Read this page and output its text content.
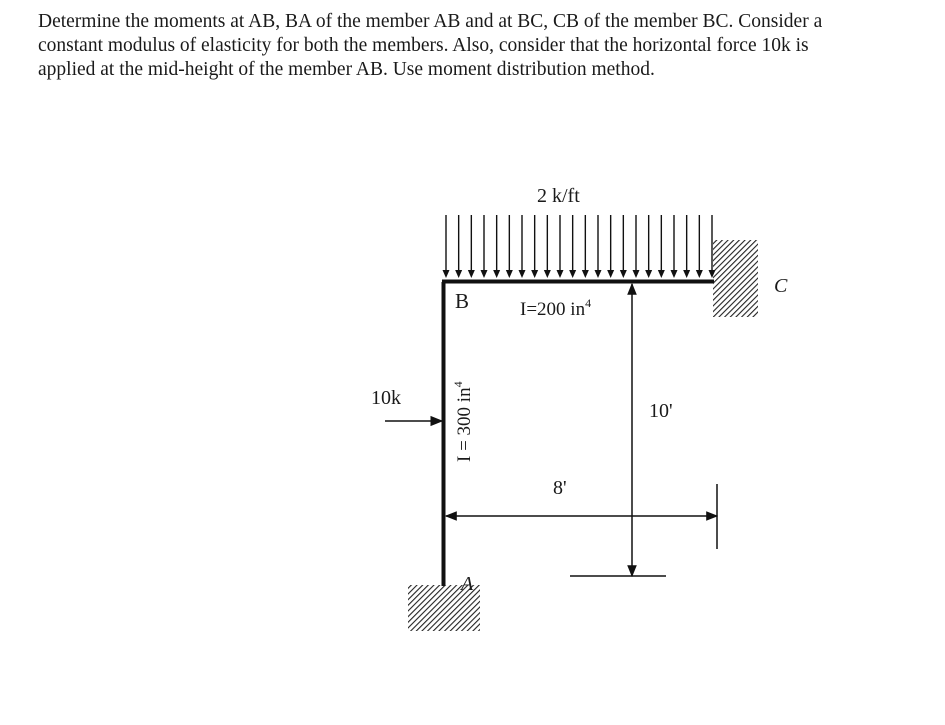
Determine the moments at AB, BA of the member AB and at BC, CB of the member BC. Consider a
constant modulus of elasticity for both the members. Also, consider that the horizontal force 10k is
applied at the mid-height of the member AB. Use moment distribution method.
2 k/ft
10k
B
C
A
I=200 $in^4$
I = 300 $in^4$
8'
10'
